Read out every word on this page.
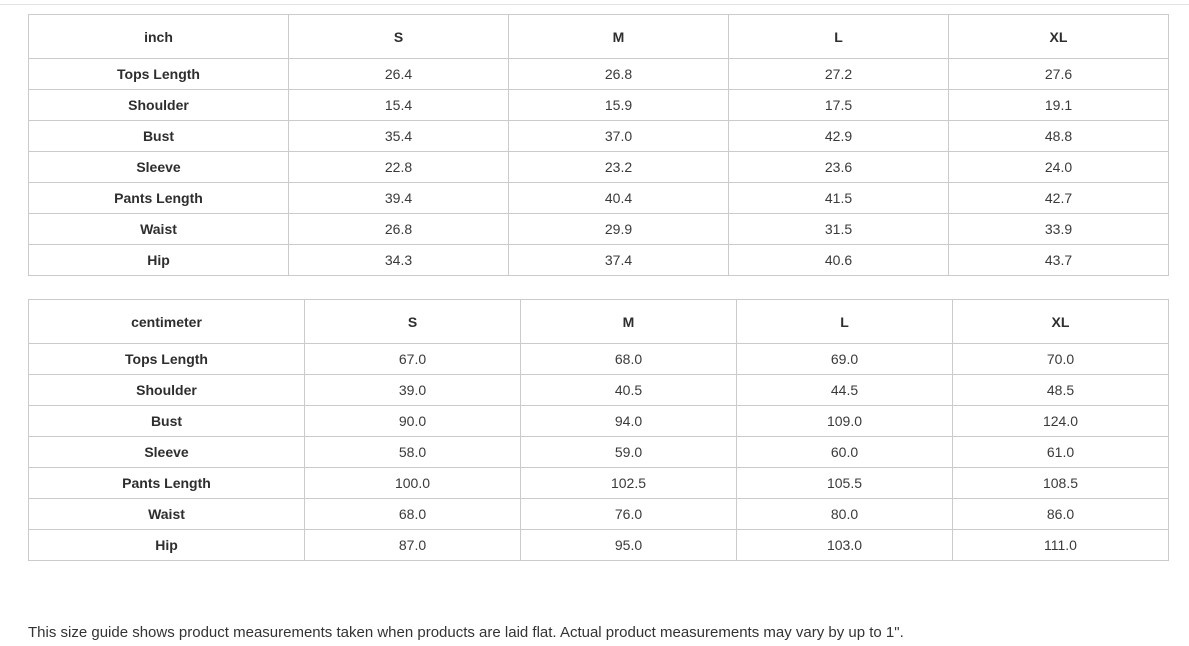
inch	S	M	L	XL
Tops Length	26.4	26.8	27.2	27.6
Shoulder	15.4	15.9	17.5	19.1
Bust	35.4	37.0	42.9	48.8
Sleeve	22.8	23.2	23.6	24.0
Pants Length	39.4	40.4	41.5	42.7
Waist	26.8	29.9	31.5	33.9
Hip	34.3	37.4	40.6	43.7
centimeter	S	M	L	XL
Tops Length	67.0	68.0	69.0	70.0
Shoulder	39.0	40.5	44.5	48.5
Bust	90.0	94.0	109.0	124.0
Sleeve	58.0	59.0	60.0	61.0
Pants Length	100.0	102.5	105.5	108.5
Waist	68.0	76.0	80.0	86.0
Hip	87.0	95.0	103.0	111.0

This size guide shows product measurements taken when products are laid flat. Actual product measurements may vary by up to 1".
